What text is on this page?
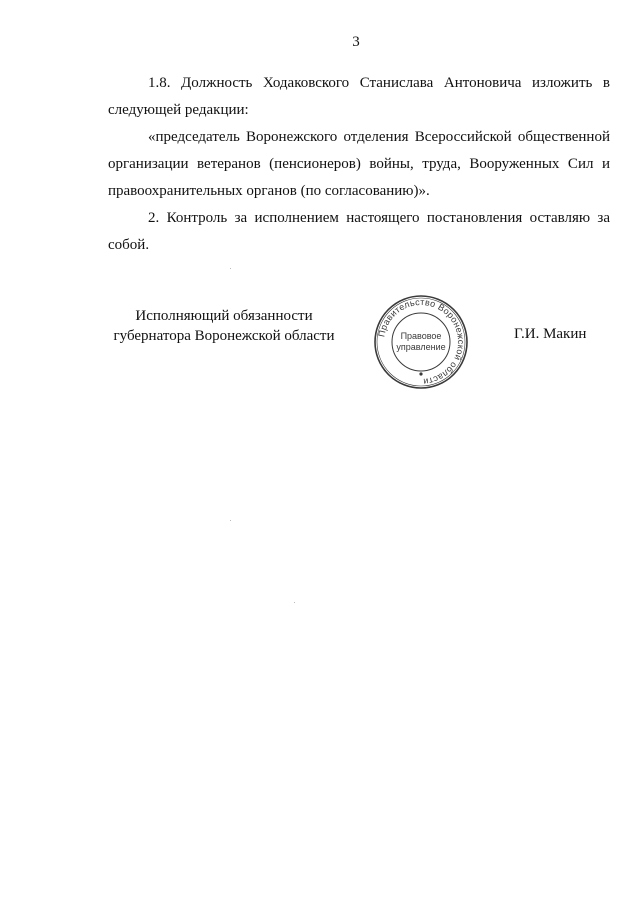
3

1.8. Должность Ходаковского Станислава Антоновича изложить в следующей редакции:

«председатель Воронежского отделения Всероссийской общественной организации ветеранов (пенсионеров) войны, труда, Вооруженных Сил и правоохранительных органов (по согласованию)».

2. Контроль за исполнением настоящего постановления оставляю за собой.

Исполняющий обязанности
губернатора Воронежской области	Правительство Воронежской области
Правовое
управление
Г.И. Макин
